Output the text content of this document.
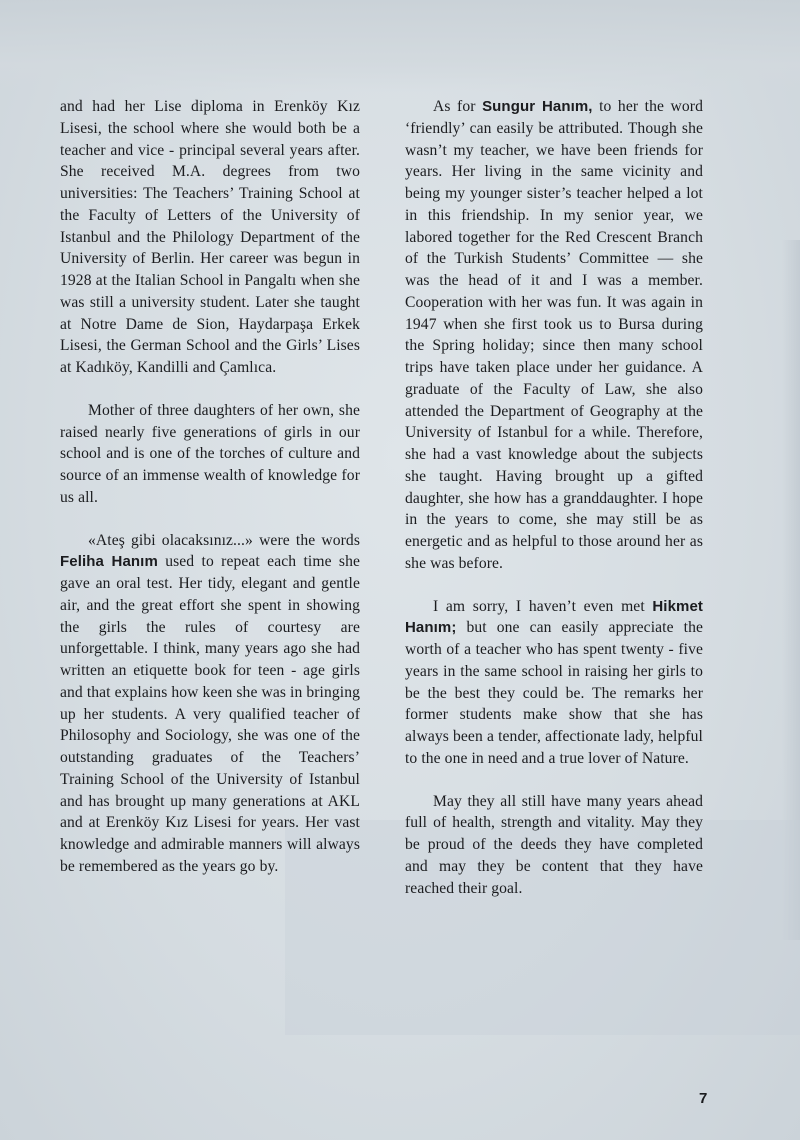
and had her Lise diploma in Erenköy Kız Lisesi, the school where she would both be a teacher and vice - principal several years after. She received M.A. degrees from two universities: The Teachers’ Training School at the Faculty of Letters of the University of Istanbul and the Philology Department of the University of Berlin. Her career was begun in 1928 at the Italian School in Pangaltı when she was still a university student. Later she taught at Notre Dame de Sion, Haydarpaşa Erkek Lisesi, the German School and the Girls’ Lises at Kadıköy, Kandilli and Çamlıca.

Mother of three daughters of her own, she raised nearly five generations of girls in our school and is one of the torches of culture and source of an immense wealth of knowledge for us all.

«Ateş gibi olacaksınız...» were the words Feliha Hanım used to repeat each time she gave an oral test. Her tidy, elegant and gentle air, and the great effort she spent in showing the girls the rules of courtesy are unforgettable. I think, many years ago she had written an etiquette book for teen - age girls and that explains how keen she was in bringing up her students. A very qualified teacher of Philosophy and Sociology, she was one of the outstanding graduates of the Teachers’ Training School of the University of Istanbul and has brought up many generations at AKL and at Erenköy Kız Lisesi for years. Her vast knowledge and admirable manners will always be remembered as the years go by.

As for Sungur Hanım, to her the word ‘friendly’ can easily be attributed. Though she wasn’t my teacher, we have been friends for years. Her living in the same vicinity and being my younger sister’s teacher helped a lot in this friendship. In my senior year, we labored together for the Red Crescent Branch of the Turkish Students’ Committee — she was the head of it and I was a member. Cooperation with her was fun. It was again in 1947 when she first took us to Bursa during the Spring holiday; since then many school trips have taken place under her guidance. A graduate of the Faculty of Law, she also attended the Department of Geography at the University of Istanbul for a while. Therefore, she had a vast knowledge about the subjects she taught. Having brought up a gifted daughter, she how has a granddaughter. I hope in the years to come, she may still be as energetic and as helpful to those around her as she was before.

I am sorry, I haven’t even met Hikmet Hanım; but one can easily appreciate the worth of a teacher who has spent twenty - five years in the same school in raising her girls to be the best they could be. The remarks her former students make show that she has always been a tender, affectionate lady, helpful to the one in need and a true lover of Nature.

May they all still have many years ahead full of health, strength and vitality. May they be proud of the deeds they have completed and may they be content that they have reached their goal.

7
